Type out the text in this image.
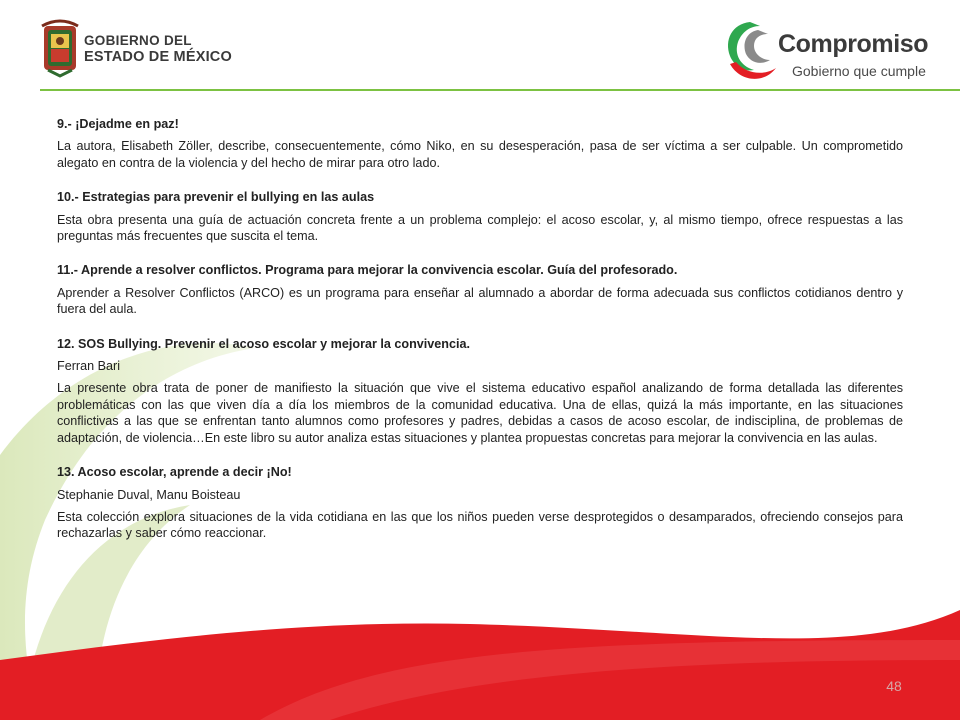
GOBIERNO DEL
ESTADO DE MÉXICO	Compromiso
Gobierno que cumple

9.- ¡Dejadme en paz!

La autora, Elisabeth Zöller, describe, consecuentemente, cómo Niko, en su desesperación, pasa de ser víctima a ser culpable. Un comprometido alegato en contra de la violencia y del hecho de mirar para otro lado.

10.- Estrategias para prevenir el bullying en las aulas

Esta obra presenta una guía de actuación concreta frente a un problema complejo: el acoso escolar, y, al mismo tiempo, ofrece respuestas a las preguntas más frecuentes que suscita el tema.

11.- Aprende a resolver conflictos. Programa para mejorar la convivencia escolar. Guía del profesorado.

Aprender a Resolver Conflictos (ARCO) es un programa para enseñar al alumnado a abordar de forma adecuada sus conflictos cotidianos dentro y fuera del aula.

12. SOS Bullying. Prevenir el acoso escolar y mejorar la convivencia.

Ferran Bari

La presente obra trata de poner de manifiesto la situación que vive el sistema educativo español analizando de forma detallada las diferentes problemáticas con las que viven día a día los miembros de la comunidad educativa. Una de ellas, quizá la más importante, en las situaciones conflictivas a las que se enfrentan tanto alumnos como profesores y padres, debidas a casos de acoso escolar, de indisciplina, de problemas de adaptación, de violencia…En este libro su autor analiza estas situaciones y plantea propuestas concretas para mejorar la convivencia en las aulas.

13. Acoso escolar, aprende a decir ¡No!

Stephanie Duval, Manu Boisteau

Esta colección explora situaciones de la vida cotidiana en las que los niños pueden verse desprotegidos o desamparados, ofreciendo consejos para rechazarlas y saber cómo reaccionar.

48
